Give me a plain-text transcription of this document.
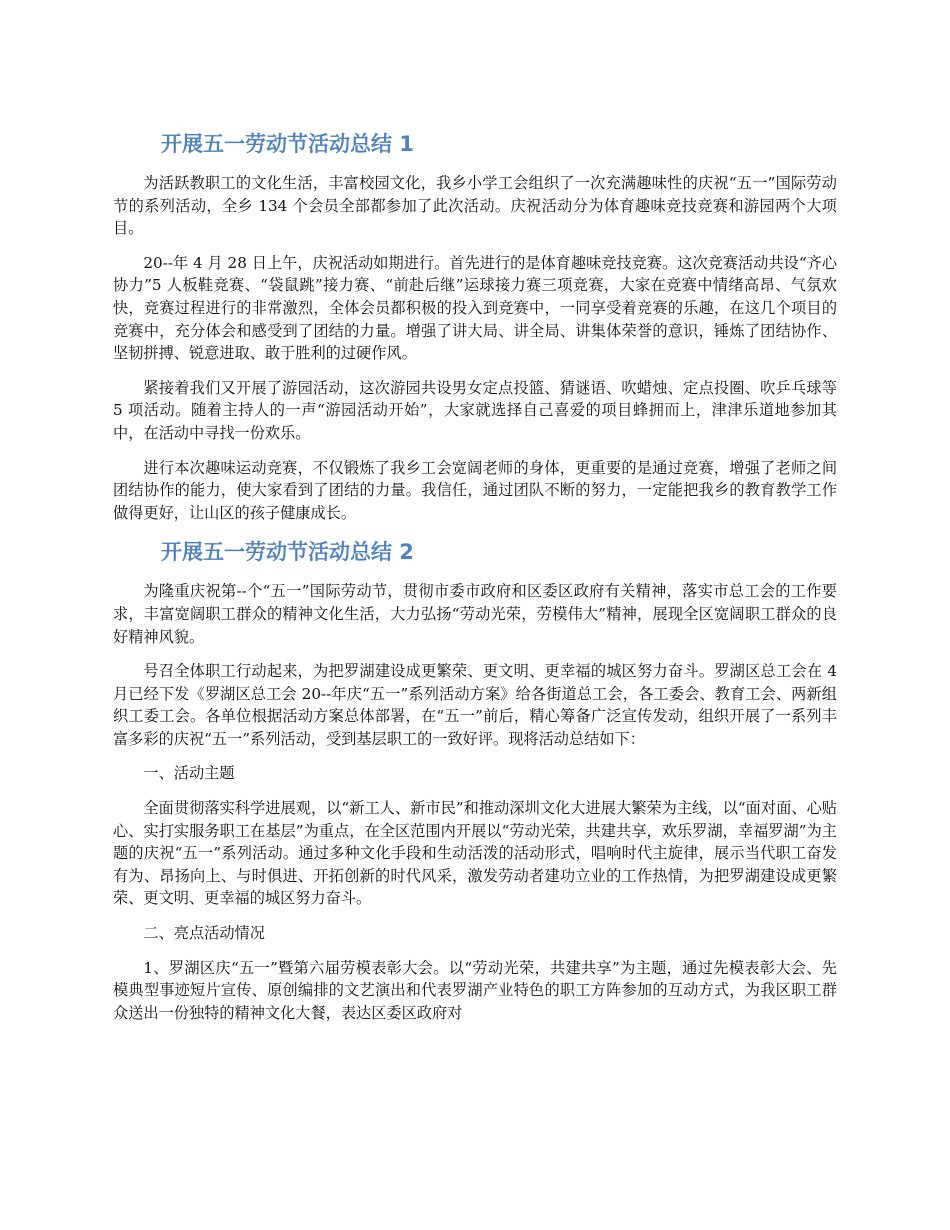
开展五一劳动节活动总结 1

为活跃教职工的文化生活，丰富校园文化，我乡小学工会组织了一次充满趣味性的庆祝“五一”国际劳动节的系列活动，全乡 134 个会员全部都参加了此次活动。庆祝活动分为体育趣味竞技竞赛和游园两个大项目。

20--年 4 月 28 日上午，庆祝活动如期进行。首先进行的是体育趣味竞技竞赛。这次竞赛活动共设“齐心协力”5 人板鞋竞赛、“袋鼠跳”接力赛、“前赴后继”运球接力赛三项竞赛，大家在竞赛中情绪高昂、气氛欢快，竞赛过程进行的非常激烈，全体会员都积极的投入到竞赛中，一同享受着竞赛的乐趣，在这几个项目的竞赛中，充分体会和感受到了团结的力量。增强了讲大局、讲全局、讲集体荣誉的意识，锤炼了团结协作、坚韧拼搏、锐意进取、敢于胜利的过硬作风。

紧接着我们又开展了游园活动，这次游园共设男女定点投篮、猜谜语、吹蜡烛、定点投圈、吹乒乓球等 5 项活动。随着主持人的一声“游园活动开始”，大家就选择自己喜爱的项目蜂拥而上，津津乐道地参加其中，在活动中寻找一份欢乐。

进行本次趣味运动竞赛，不仅锻炼了我乡工会宽阔老师的身体，更重要的是通过竞赛，增强了老师之间团结协作的能力，使大家看到了团结的力量。我信任，通过团队不断的努力，一定能把我乡的教育教学工作做得更好，让山区的孩子健康成长。

开展五一劳动节活动总结 2

为隆重庆祝第--个“五一”国际劳动节，贯彻市委市政府和区委区政府有关精神，落实市总工会的工作要求，丰富宽阔职工群众的精神文化生活，大力弘扬“劳动光荣，劳模伟大”精神，展现全区宽阔职工群众的良好精神风貌。

号召全体职工行动起来，为把罗湖建设成更繁荣、更文明、更幸福的城区努力奋斗。罗湖区总工会在 4 月已经下发《罗湖区总工会 20--年庆“五一”系列活动方案》给各街道总工会，各工委会、教育工会、两新组织工委工会。各单位根据活动方案总体部署，在“五一”前后，精心筹备广泛宣传发动，组织开展了一系列丰富多彩的庆祝“五一”系列活动，受到基层职工的一致好评。现将活动总结如下：

一、活动主题

全面贯彻落实科学进展观，以“新工人、新市民”和推动深圳文化大进展大繁荣为主线，以“面对面、心贴心、实打实服务职工在基层”为重点，在全区范围内开展以“劳动光荣，共建共享，欢乐罗湖，幸福罗湖”为主题的庆祝“五一”系列活动。通过多种文化手段和生动活泼的活动形式，唱响时代主旋律，展示当代职工奋发有为、昂扬向上、与时俱进、开拓创新的时代风采，激发劳动者建功立业的工作热情，为把罗湖建设成更繁荣、更文明、更幸福的城区努力奋斗。

二、亮点活动情况

1、罗湖区庆“五一”暨第六届劳模表彰大会。以“劳动光荣，共建共享”为主题，通过先模表彰大会、先模典型事迹短片宣传、原创编排的文艺演出和代表罗湖产业特色的职工方阵参加的互动方式，为我区职工群众送出一份独特的精神文化大餐，表达区委区政府对
